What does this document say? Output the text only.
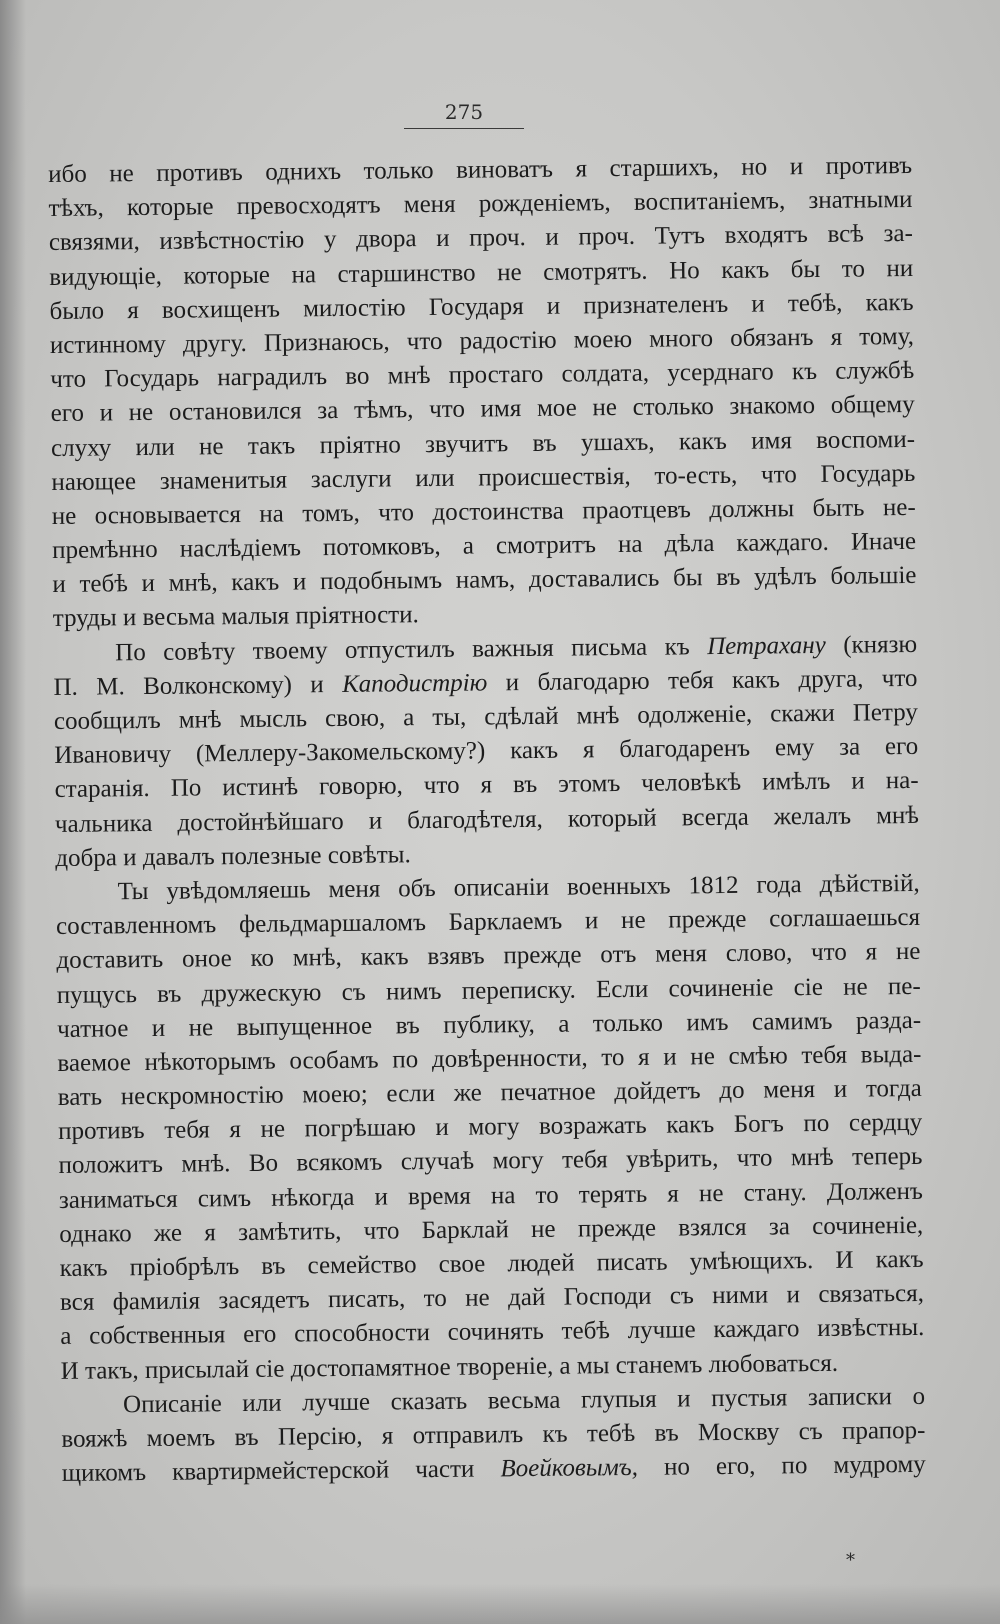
275

ибо не противъ однихъ только виноватъ я старшихъ, но и противъ
тѣхъ, которые превосходятъ меня рожденіемъ, воспитаніемъ, знатными
связями, извѣстностію у двора и проч. и проч. Тутъ входятъ всѣ за-
видующіе, которые на старшинство не смотрятъ. Но какъ бы то ни
было я восхищенъ милостію Государя и признателенъ и тебѣ, какъ
истинному другу. Признаюсь, что радостію моею много обязанъ я тому,
что Государь наградилъ во мнѣ простаго солдата, усерднаго къ службѣ
его и не остановился за тѣмъ, что имя мое не столько знакомо общему
слуху или не такъ пріятно звучитъ въ ушахъ, какъ имя воспоми-
нающее знаменитыя заслуги или происшествія, то-есть, что Государь
не основывается на томъ, что достоинства праотцевъ должны быть не-
премѣнно наслѣдіемъ потомковъ, а смотритъ на дѣла каждаго. Иначе
и тебѣ и мнѣ, какъ и подобнымъ намъ, доставались бы въ удѣлъ большіе
труды и весьма малыя пріятности.

По совѣту твоему отпустилъ важныя письма къ Петрахану (князю
П. М. Волконскому) и Каподистрію и благодарю тебя какъ друга, что
сообщилъ мнѣ мысль свою, а ты, сдѣлай мнѣ одолженіе, скажи Петру
Ивановичу (Меллеру-Закомельскому?) какъ я благодаренъ ему за его
старанія. По истинѣ говорю, что я въ этомъ человѣкѣ имѣлъ и на-
чальника достойнѣйшаго и благодѣтеля, который всегда желалъ мнѣ
добра и давалъ полезные совѣты.

Ты увѣдомляешь меня объ описаніи военныхъ 1812 года дѣйствій,
составленномъ фельдмаршаломъ Барклаемъ и не прежде соглашаешься
доставить оное ко мнѣ, какъ взявъ прежде отъ меня слово, что я не
пущусь въ дружескую съ нимъ переписку. Если сочиненіе сіе не пе-
чатное и не выпущенное въ публику, а только имъ самимъ разда-
ваемое нѣкоторымъ особамъ по довѣренности, то я и не смѣю тебя выда-
вать нескромностію моею; если же печатное дойдетъ до меня и тогда
противъ тебя я не погрѣшаю и могу возражать какъ Богъ по сердцу
положитъ мнѣ. Во всякомъ случаѣ могу тебя увѣрить, что мнѣ теперь
заниматься симъ нѣкогда и время на то терять я не стану. Долженъ
однако же я замѣтить, что Барклай не прежде взялся за сочиненіе,
какъ пріобрѣлъ въ семейство свое людей писать умѣющихъ. И какъ
вся фамилія засядетъ писать, то не дай Господи съ ними и связаться,
а собственныя его способности сочинять тебѣ лучше каждаго извѣстны.
И такъ, присылай сіе достопамятное твореніе, а мы станемъ любоваться.

Описаніе или лучше сказать весьма глупыя и пустыя записки о
вояжѣ моемъ въ Персію, я отправилъ къ тебѣ въ Москву съ прапор-
щикомъ квартирмейстерской части Воейковымъ, но его, по мудрому

*
